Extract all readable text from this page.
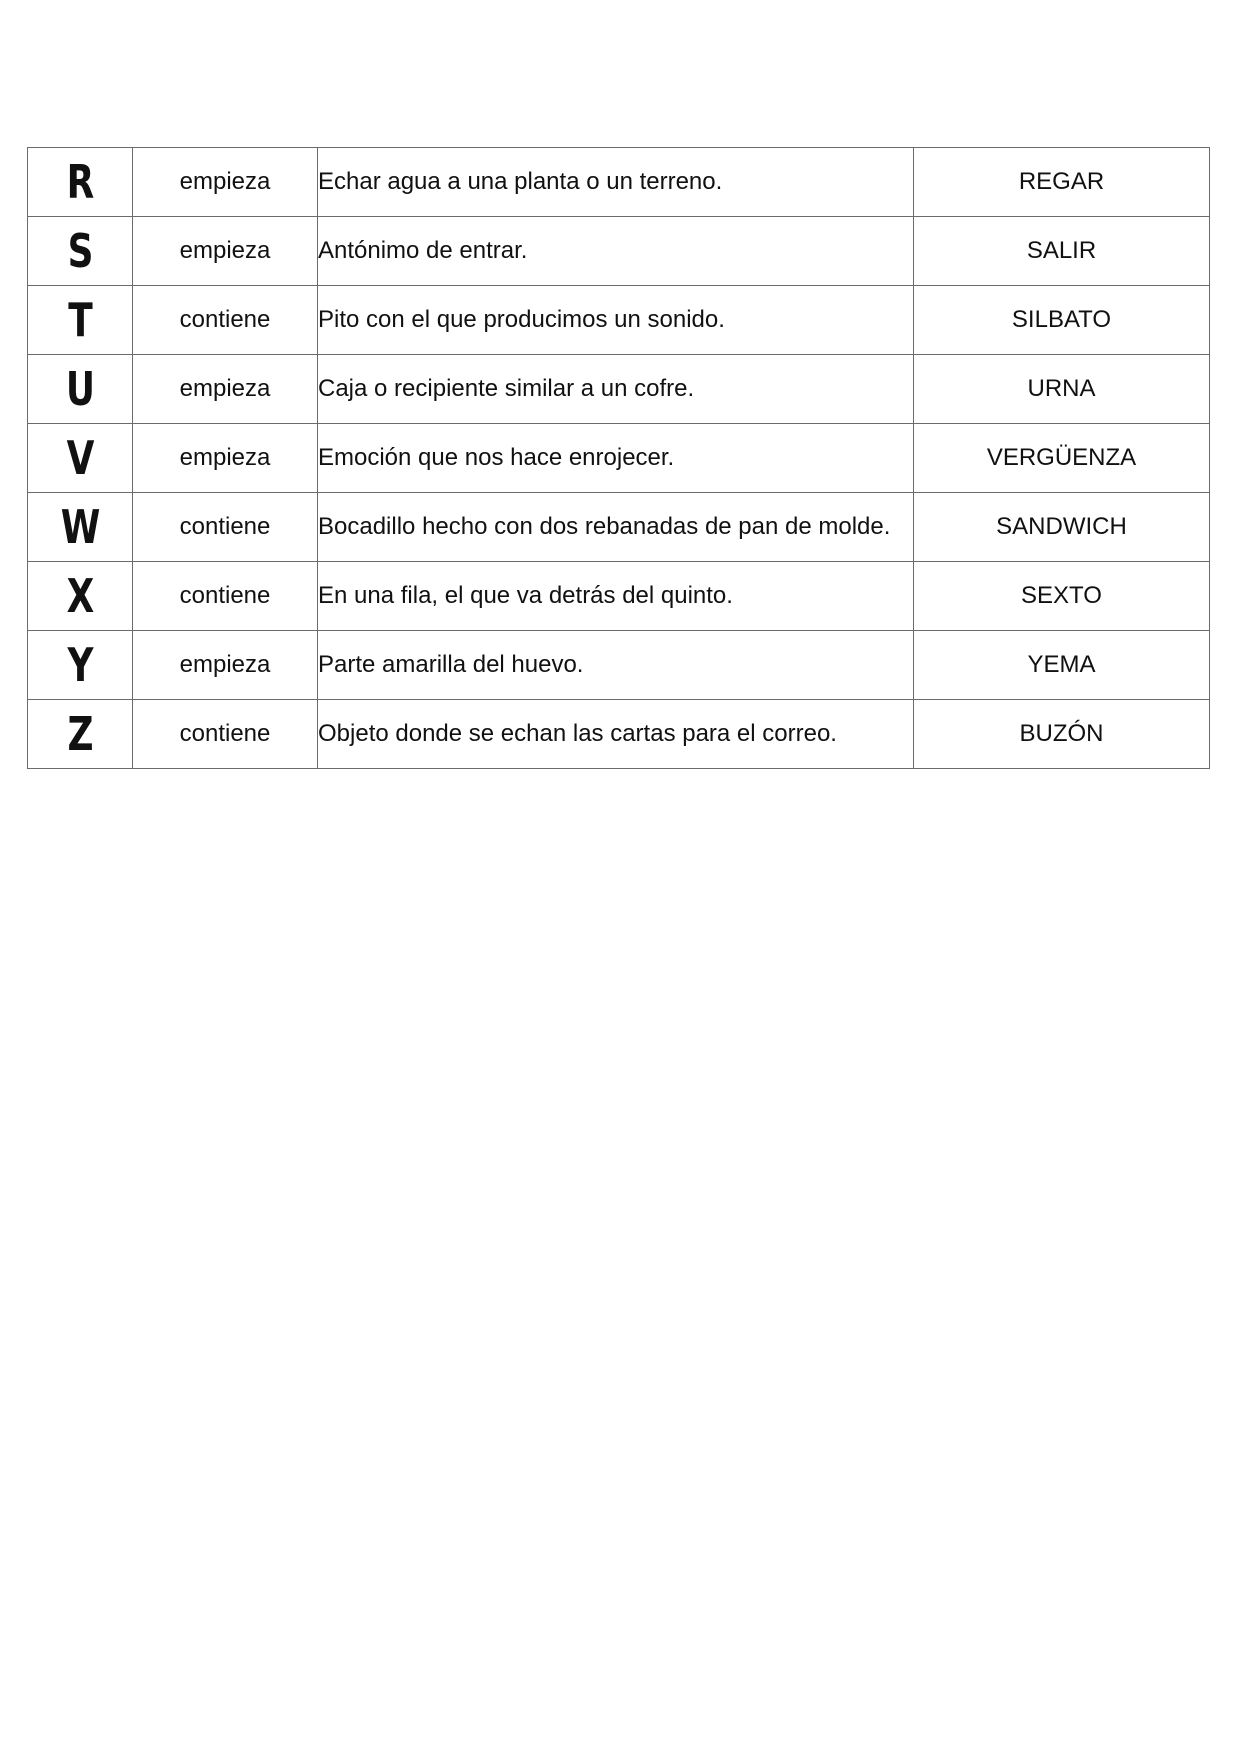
R	empieza	Echar agua a una planta o un terreno.	REGAR
S	empieza	Antónimo de entrar.	SALIR
T	contiene	Pito con el que producimos un sonido.	SILBATO
U	empieza	Caja o recipiente similar a un cofre.	URNA
V	empieza	Emoción que nos hace enrojecer.	VERGÜENZA
W	contiene	Bocadillo hecho con dos rebanadas de pan de molde.	SANDWICH
X	contiene	En una fila, el que va detrás del quinto.	SEXTO
Y	empieza	Parte amarilla del huevo.	YEMA
Z	contiene	Objeto donde se echan las cartas para el correo.	BUZÓN
